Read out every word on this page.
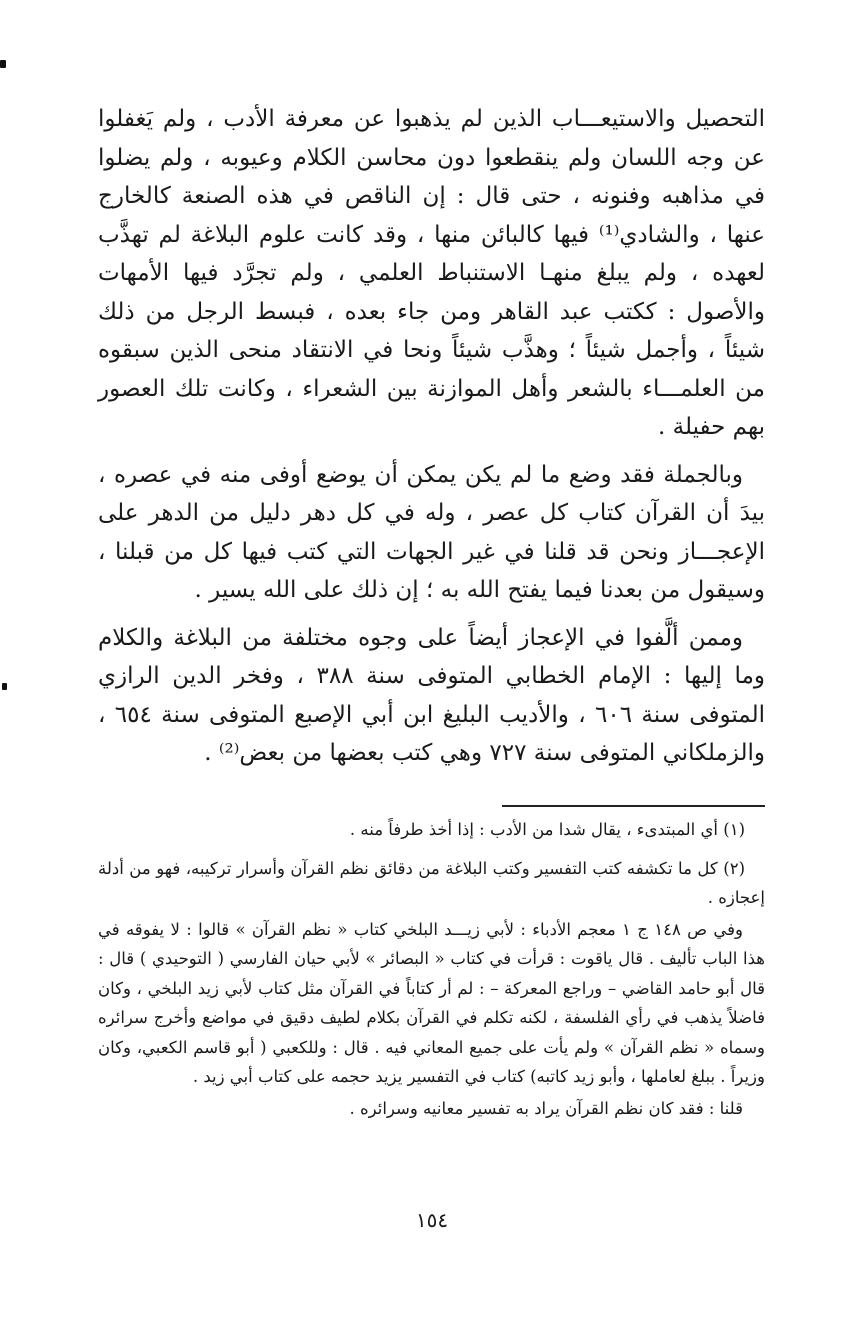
التحصيل والاستيعـــاب الذين لم يذهبوا عن معرفة الأدب ، ولم يَغفلوا عن وجه اللسان ولم ينقطعوا دون محاسن الكلام وعيوبه ، ولم يضلوا في مذاهبه وفنونه ، حتى قال : إن الناقص في هذه الصنعة كالخارج عنها ، والشادي⁽¹⁾ فيها كالبائن منها ، وقد كانت علوم البلاغة لم تهذَّب لعهده ، ولم يبلغ منهـا الاستنباط العلمي ، ولم تجرَّد فيها الأمهات والأصول : ككتب عبد القاهر ومن جاء بعده ، فبسط الرجل من ذلك شيئاً ، وأجمل شيئاً ؛ وهذَّب شيئاً ونحا في الانتقاد منحى الذين سبقوه من العلمـــاء بالشعر وأهل الموازنة بين الشعراء ، وكانت تلك العصور بهم حفيلة .

وبالجملة فقد وضع ما لم يكن يمكن أن يوضع أوفى منه في عصره ، بيدَ أن القرآن كتاب كل عصر ، وله في كل دهر دليل من الدهر على الإعجـــاز ونحن قد قلنا في غير الجهات التي كتب فيها كل من قبلنا ، وسيقول من بعدنا فيما يفتح الله به ؛ إن ذلك على الله يسير .

وممن ألَّفوا في الإعجاز أيضاً على وجوه مختلفة من البلاغة والكلام وما إليها : الإمام الخطابي المتوفى سنة ٣٨٨ ، وفخر الدين الرازي المتوفى سنة ٦٠٦ ، والأديب البليغ ابن أبي الإصبع المتوفى سنة ٦٥٤ ، والزملكاني المتوفى سنة ٧٢٧ وهي كتب بعضها من بعض⁽²⁾ .

(١) أي المبتدىء ، يقال شدا من الأدب : إذا أخذ طرفاً منه .

(٢) كل ما تكشفه كتب التفسير وكتب البلاغة من دقائق نظم القرآن وأسرار تركيبه، فهو من أدلة إعجازه .

وفي ص ١٤٨ ج ١ معجم الأدباء : لأبي زيـــد البلخي كتاب « نظم القرآن » قالوا : لا يفوقه في هذا الباب تأليف . قال ياقوت : قرأت في كتاب « البصائر » لأبي حيان الفارسي ( التوحيدي ) قال : قال أبو حامد القاضي – وراجع المعركة – : لم أر كتاباً في القرآن مثل كتاب لأبي زيد البلخي ، وكان فاضلاً يذهب في رأي الفلسفة ، لكنه تكلم في القرآن بكلام لطيف دقيق في مواضع وأخرج سرائره وسماه « نظم القرآن » ولم يأت على جميع المعاني فيه . قال : وللكعبي ( أبو قاسم الكعبي، وكان وزيراً . ببلغ لعاملها ، وأبو زيد كاتبه) كتاب في التفسير يزيد حجمه على كتاب أبي زيد .

قلنا : فقد كان نظم القرآن يراد به تفسير معانيه وسرائره .

١٥٤
